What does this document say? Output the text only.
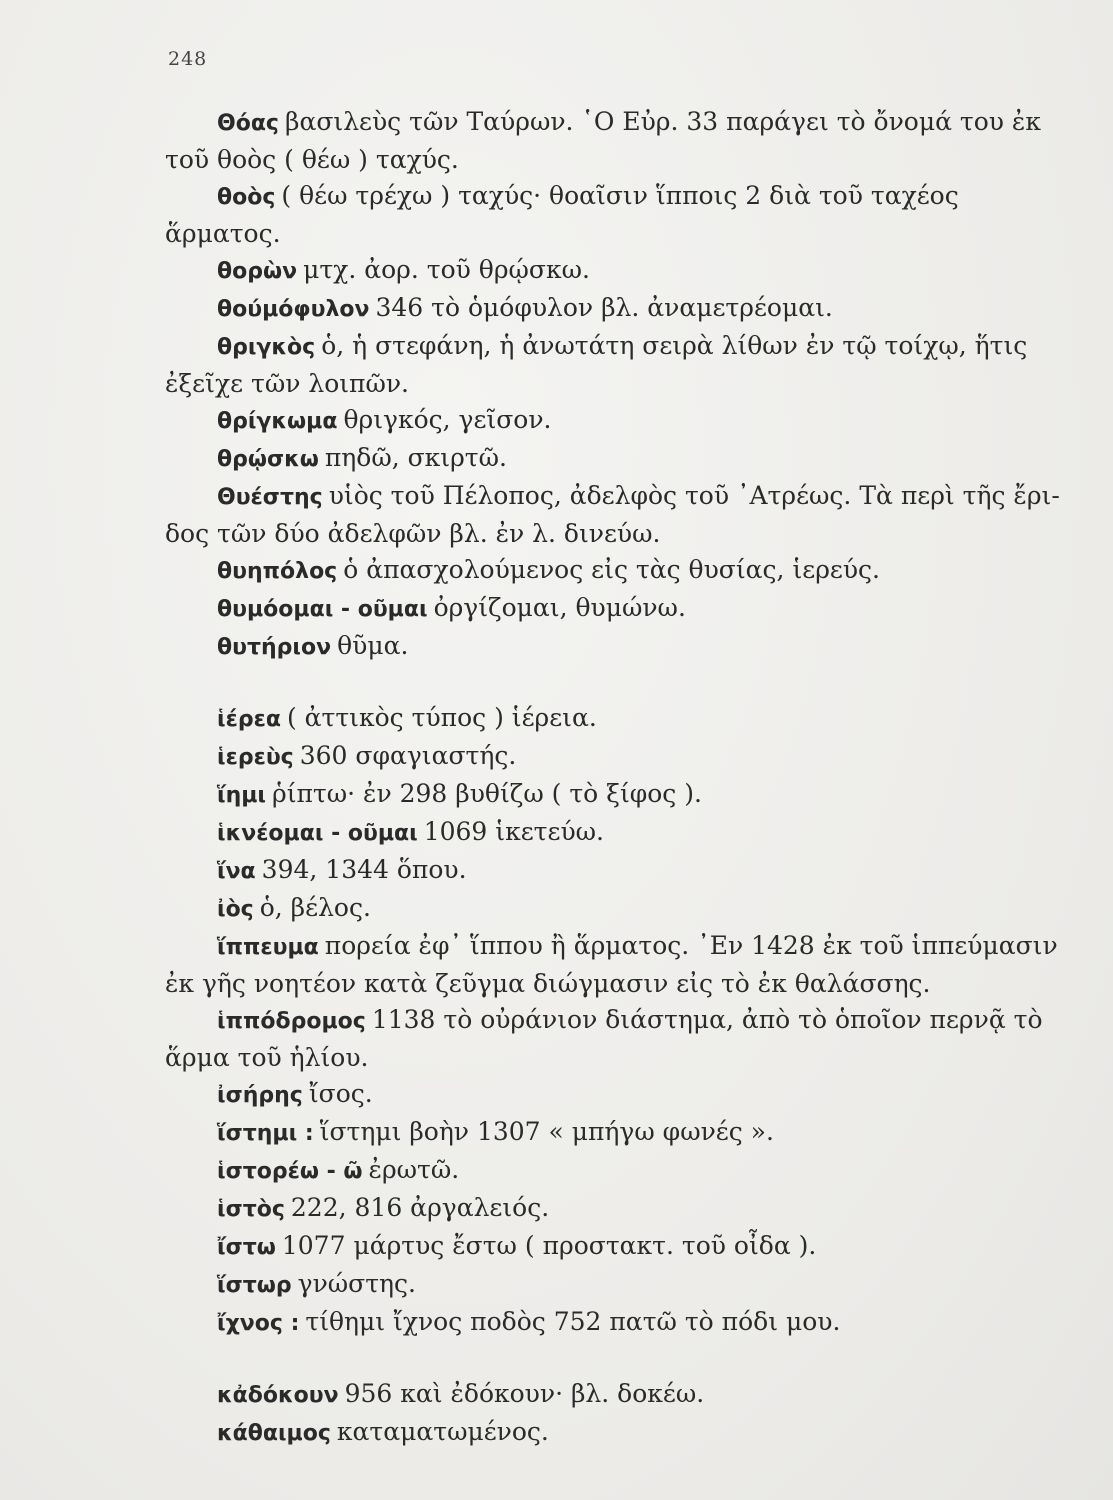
248
Θόας βασιλεὺς τῶν Ταύρων. ῾Ο Εὐρ. 33 παράγει τὸ ὄνομά του ἐκ
τοῦ θοὸς ( θέω ) ταχύς.
θοὸς ( θέω τρέχω ) ταχύς· θοαῖσιν ἵπποις 2 διὰ τοῦ ταχέος
ἅρματος.
θορὼν μτχ. ἀορ. τοῦ θρῴσκω.
θούμόφυλον 346 τὸ ὁμόφυλον βλ. ἀναμετρέομαι.
θριγκὸς ὁ, ἡ στεφάνη, ἡ ἀνωτάτη σειρὰ λίθων ἐν τῷ τοίχῳ, ἥτις
ἐξεῖχε τῶν λοιπῶν.
θρίγκωμα θριγκός, γεῖσον.
θρῴσκω πηδῶ, σκιρτῶ.
Θυέστης υἱὸς τοῦ Πέλοπος, ἀδελφὸς τοῦ ᾿Ατρέως. Τὰ περὶ τῆς ἔρι-
δος τῶν δύο ἀδελφῶν βλ. ἐν λ. δινεύω.
θυηπόλος ὁ ἀπασχολούμενος εἰς τὰς θυσίας, ἱερεύς.
θυμόομαι - οῦμαι ὀργίζομαι, θυμώνω.
θυτήριον θῦμα.
ἱέρεα ( ἀττικὸς τύπος ) ἱέρεια.
ἱερεὺς 360 σφαγιαστής.
ἵημι ῥίπτω· ἐν 298 βυθίζω ( τὸ ξίφος ).
ἱκνέομαι - οῦμαι 1069 ἱκετεύω.
ἵνα 394, 1344 ὅπου.
ἰὸς ὁ, βέλος.
ἵππευμα πορεία ἐφ᾿ ἵππου ἢ ἅρματος. ᾿Εν 1428 ἐκ τοῦ ἱππεύμασιν
ἐκ γῆς νοητέον κατὰ ζεῦγμα διώγμασιν εἰς τὸ ἐκ θαλάσσης.
ἱππόδρομος 1138 τὸ οὐράνιον διάστημα, ἀπὸ τὸ ὁποῖον περνᾷ τὸ
ἅρμα τοῦ ἡλίου.
ἰσήρης ἴσος.
ἵστημι : ἵστημι βοὴν 1307 « μπήγω φωνές ».
ἱστορέω - ῶ ἐρωτῶ.
ἱστὸς 222, 816 ἀργαλειός.
ἴστω 1077 μάρτυς ἔστω ( προστακτ. τοῦ οἶδα ).
ἵστωρ γνώστης.
ἴχνος : τίθημι ἴχνος ποδὸς 752 πατῶ τὸ πόδι μου.
κἀδόκουν 956 καὶ ἐδόκουν· βλ. δοκέω.
κάθαιμος καταματωμένος.
